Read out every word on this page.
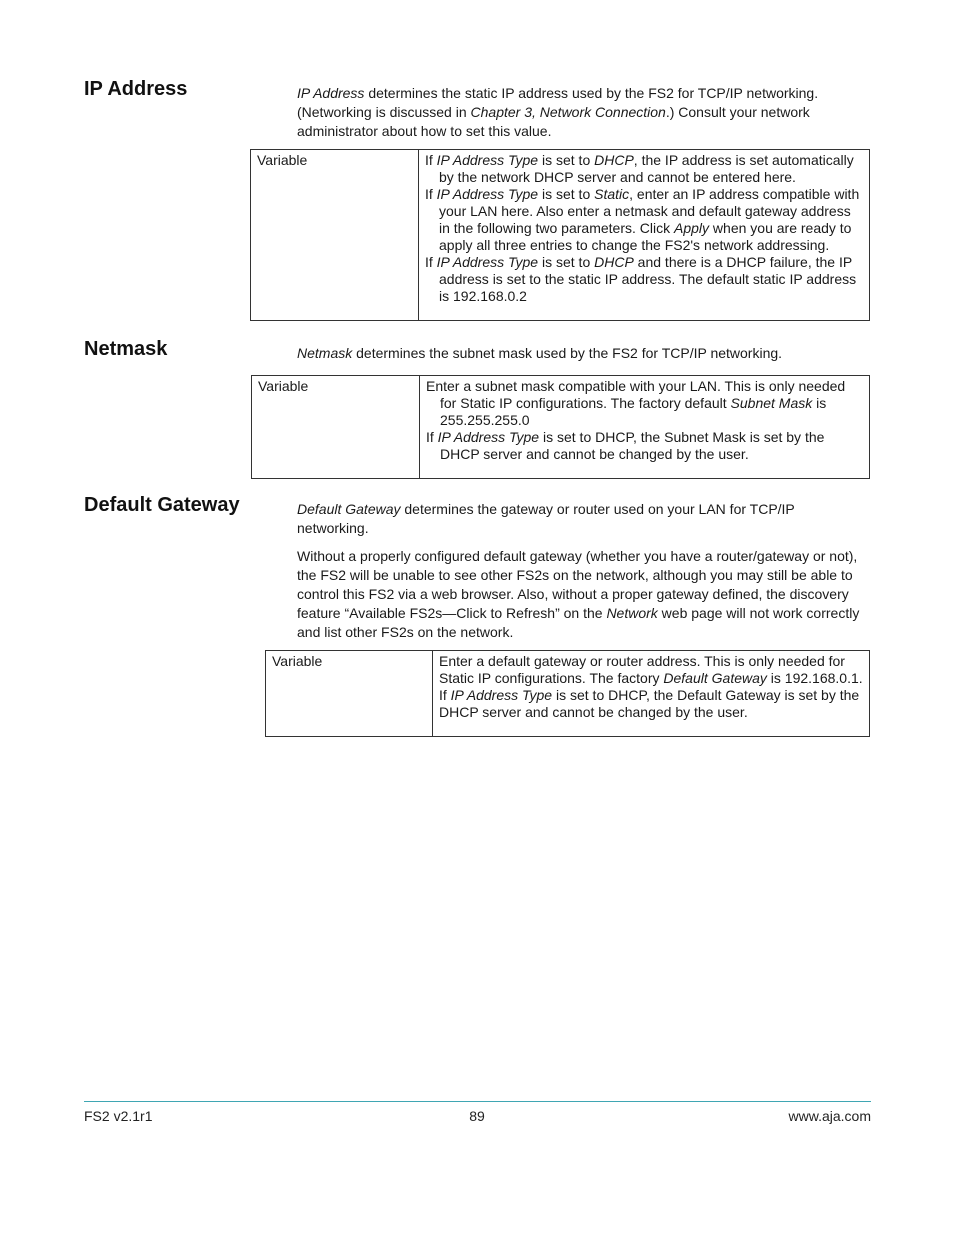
IP Address	IP Address determines the static IP address used by the FS2 for TCP/IP networking. (Networking is discussed in Chapter 3, Network Connection.) Consult your network administrator about how to set this value.

Variable	If IP Address Type is set to DHCP, the IP address is set automatically by the network DHCP server and cannot be entered here.

If IP Address Type is set to Static, enter an IP address compatible with your LAN here. Also enter a netmask and default gateway address in the following two parameters. Click Apply when you are ready to apply all three entries to change the FS2's network addressing.

If IP Address Type is set to DHCP and there is a DHCP failure, the IP address is set to the static IP address. The default static IP address is 192.168.0.2

Netmask	Netmask determines the subnet mask used by the FS2 for TCP/IP networking.

Variable	Enter a subnet mask compatible with your LAN. This is only needed for Static IP configurations. The factory default Subnet Mask is 255.255.255.0

If IP Address Type is set to DHCP, the Subnet Mask is set by the DHCP server and cannot be changed by the user.

Default Gateway	Default Gateway determines the gateway or router used on your LAN for TCP/IP networking.

Without a properly configured default gateway (whether you have a router/gateway or not), the FS2 will be unable to see other FS2s on the network, although you may still be able to control this FS2 via a web browser. Also, without a proper gateway defined, the discovery feature “Available FS2s—Click to Refresh” on the Network web page will not work correctly and list other FS2s on the network.

Variable	Enter a default gateway or router address. This is only needed for Static IP configurations. The factory Default Gateway is 192.168.0.1.

If IP Address Type is set to DHCP, the Default Gateway is set by the DHCP server and cannot be changed by the user.

FS2 v2.1r1	89	www.aja.com
